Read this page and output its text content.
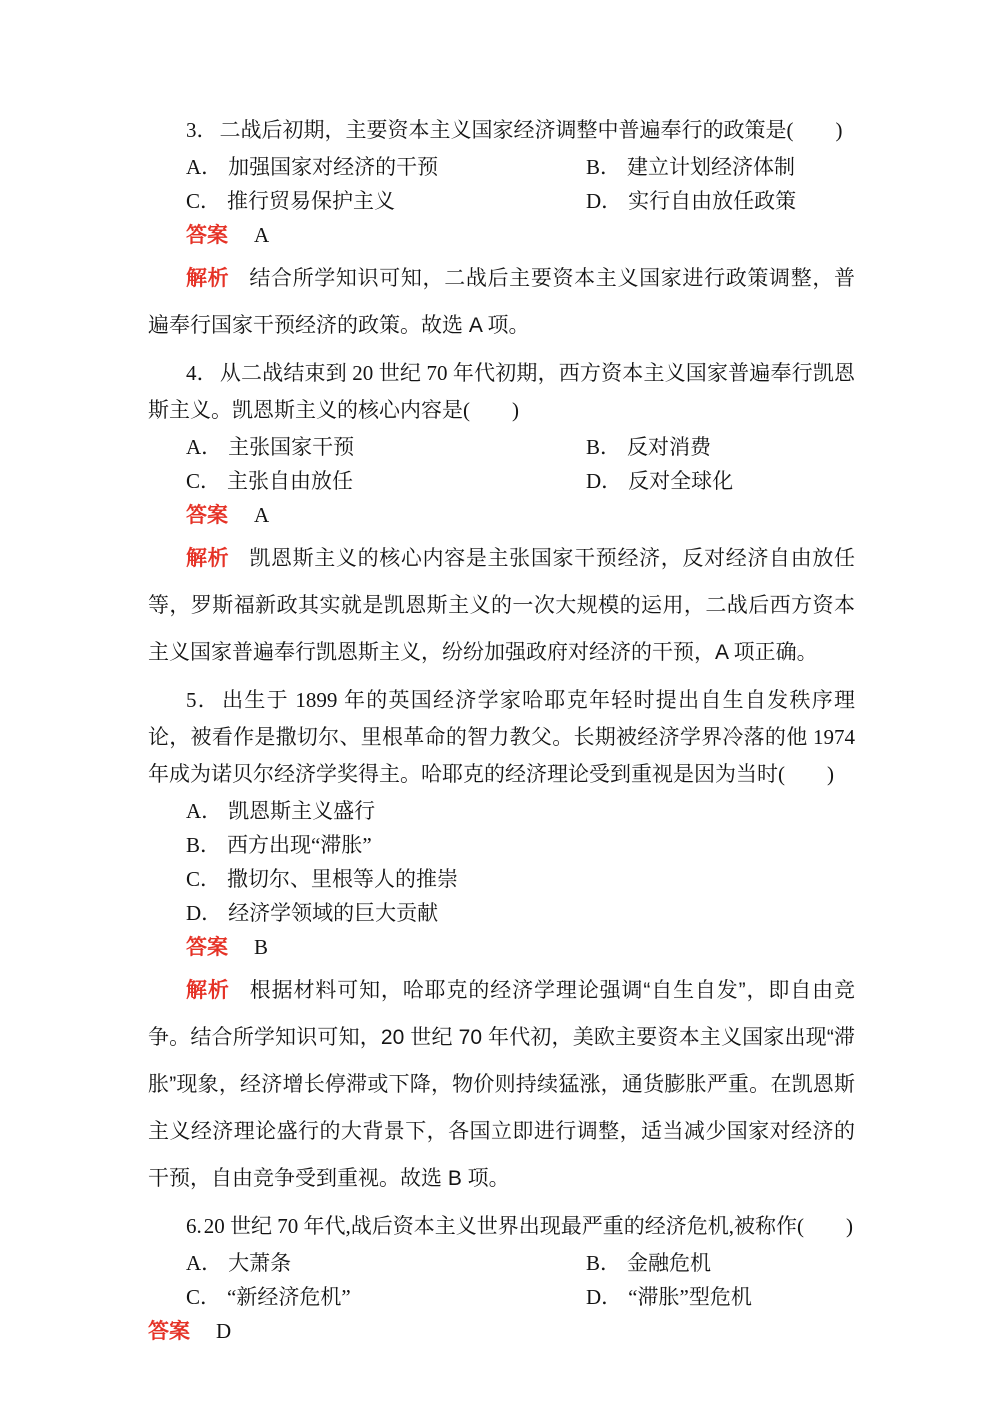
3．二战后初期，主要资本主义国家经济调整中普遍奉行的政策是(　　)

A． 加强国家对经济的干预	B． 建立计划经济体制
C． 推行贸易保护主义	D． 实行自由放任政策

答案 A

解析 结合所学知识可知，二战后主要资本主义国家进行政策调整，普遍奉行国家干预经济的政策。故选 A 项。

4．从二战结束到 20 世纪 70 年代初期，西方资本主义国家普遍奉行凯恩斯主义。凯恩斯主义的核心内容是(　　)

A． 主张国家干预	B． 反对消费
C． 主张自由放任	D． 反对全球化

答案 A

解析 凯恩斯主义的核心内容是主张国家干预经济，反对经济自由放任等，罗斯福新政其实就是凯恩斯主义的一次大规模的运用，二战后西方资本主义国家普遍奉行凯恩斯主义，纷纷加强政府对经济的干预，A 项正确。

5．出生于 1899 年的英国经济学家哈耶克年轻时提出自生自发秩序理论，被看作是撒切尔、里根革命的智力教父。长期被经济学界冷落的他 1974 年成为诺贝尔经济学奖得主。哈耶克的经济理论受到重视是因为当时(　　)

A． 凯恩斯主义盛行
B． 西方出现“滞胀”
C． 撒切尔、里根等人的推崇
D． 经济学领域的巨大贡献

答案 B

解析 根据材料可知，哈耶克的经济学理论强调“自生自发”，即自由竞争。结合所学知识可知，20 世纪 70 年代初，美欧主要资本主义国家出现“滞胀”现象，经济增长停滞或下降，物价则持续猛涨，通货膨胀严重。在凯恩斯主义经济理论盛行的大背景下，各国立即进行调整，适当减少国家对经济的干预，自由竞争受到重视。故选 B 项。

6.20 世纪 70 年代,战后资本主义世界出现最严重的经济危机,被称作(　　)

A． 大萧条	B． 金融危机
C． “新经济危机”	D． “滞胀”型危机

答案 D
